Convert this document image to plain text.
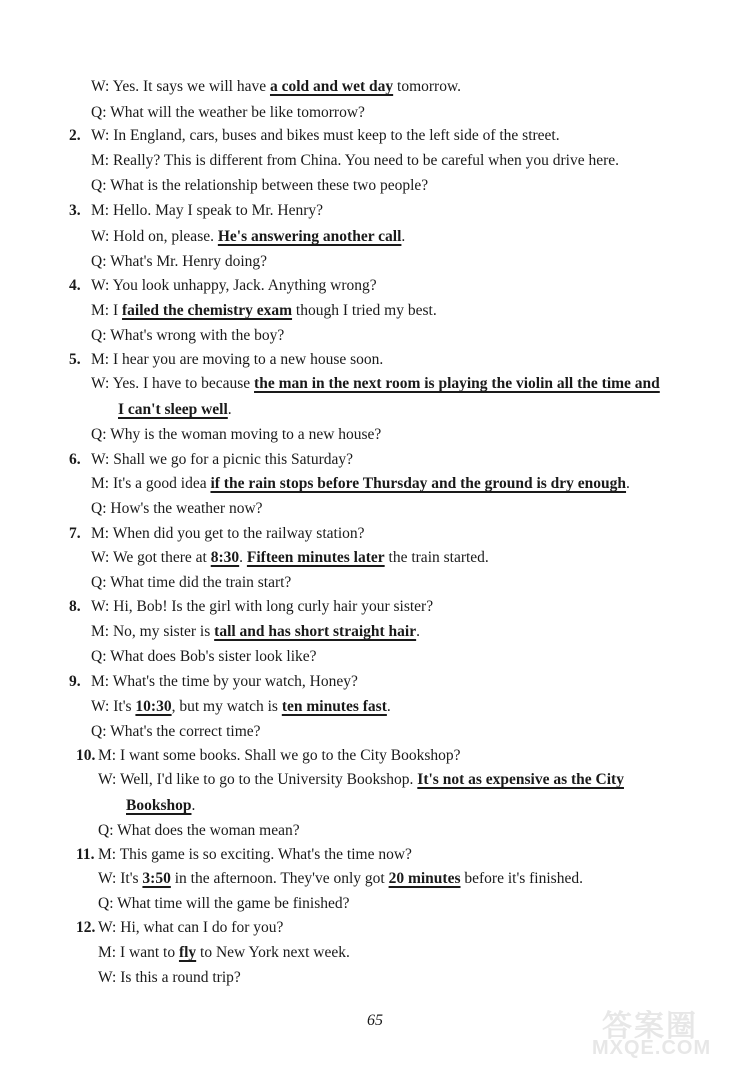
W: Yes. It says we will have a cold and wet day tomorrow.
Q: What will the weather be like tomorrow?
2. W: In England, cars, buses and bikes must keep to the left side of the street.
M: Really? This is different from China. You need to be careful when you drive here.
Q: What is the relationship between these two people?
3. M: Hello. May I speak to Mr. Henry?
W: Hold on, please. He's answering another call.
Q: What's Mr. Henry doing?
4. W: You look unhappy, Jack. Anything wrong?
M: I failed the chemistry exam though I tried my best.
Q: What's wrong with the boy?
5. M: I hear you are moving to a new house soon.
W: Yes. I have to because the man in the next room is playing the violin all the time and
I can't sleep well.
Q: Why is the woman moving to a new house?
6. W: Shall we go for a picnic this Saturday?
M: It's a good idea if the rain stops before Thursday and the ground is dry enough.
Q: How's the weather now?
7. M: When did you get to the railway station?
W: We got there at 8:30. Fifteen minutes later the train started.
Q: What time did the train start?
8. W: Hi, Bob! Is the girl with long curly hair your sister?
M: No, my sister is tall and has short straight hair.
Q: What does Bob's sister look like?
9. M: What's the time by your watch, Honey?
W: It's 10:30, but my watch is ten minutes fast.
Q: What's the correct time?
10. M: I want some books. Shall we go to the City Bookshop?
W: Well, I'd like to go to the University Bookshop. It's not as expensive as the City
Bookshop.
Q: What does the woman mean?
11. M: This game is so exciting. What's the time now?
W: It's 3:50 in the afternoon. They've only got 20 minutes before it's finished.
Q: What time will the game be finished?
12. W: Hi, what can I do for you?
M: I want to fly to New York next week.
W: Is this a round trip?
65	答案圈
MXQE.COM
